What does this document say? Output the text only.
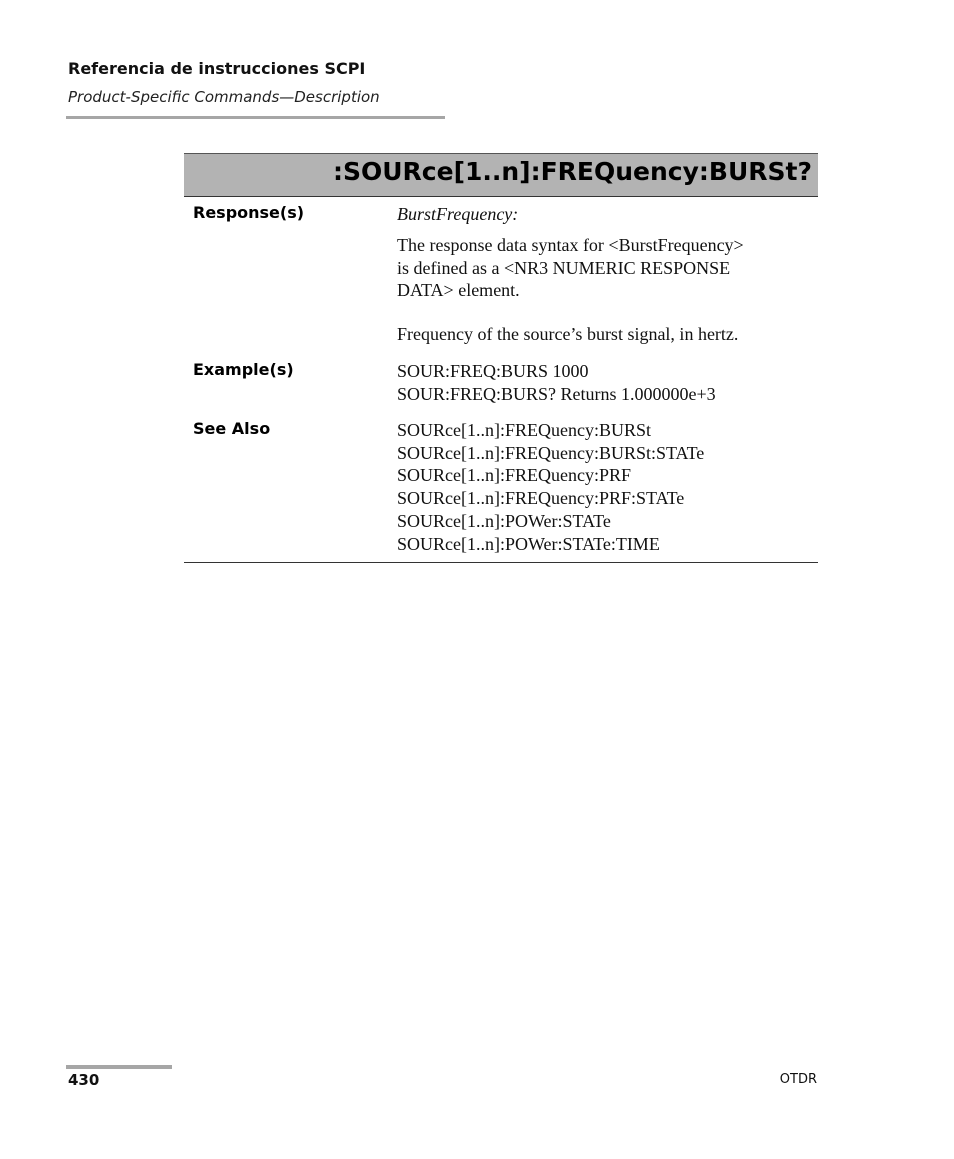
Referencia de instrucciones SCPI
Product-Specific Commands—Description
:SOURce[1..n]:FREQuency:BURSt?
Response(s)	BurstFrequency:
The response data syntax for <BurstFrequency>
is defined as a <NR3 NUMERIC RESPONSE
DATA> element.
Frequency of the source’s burst signal, in hertz.
Example(s)	SOUR:FREQ:BURS 1000
SOUR:FREQ:BURS? Returns 1.000000e+3
See Also	SOURce[1..n]:FREQuency:BURSt
SOURce[1..n]:FREQuency:BURSt:STATe
SOURce[1..n]:FREQuency:PRF
SOURce[1..n]:FREQuency:PRF:STATe
SOURce[1..n]:POWer:STATe
SOURce[1..n]:POWer:STATe:TIME
430	OTDR
